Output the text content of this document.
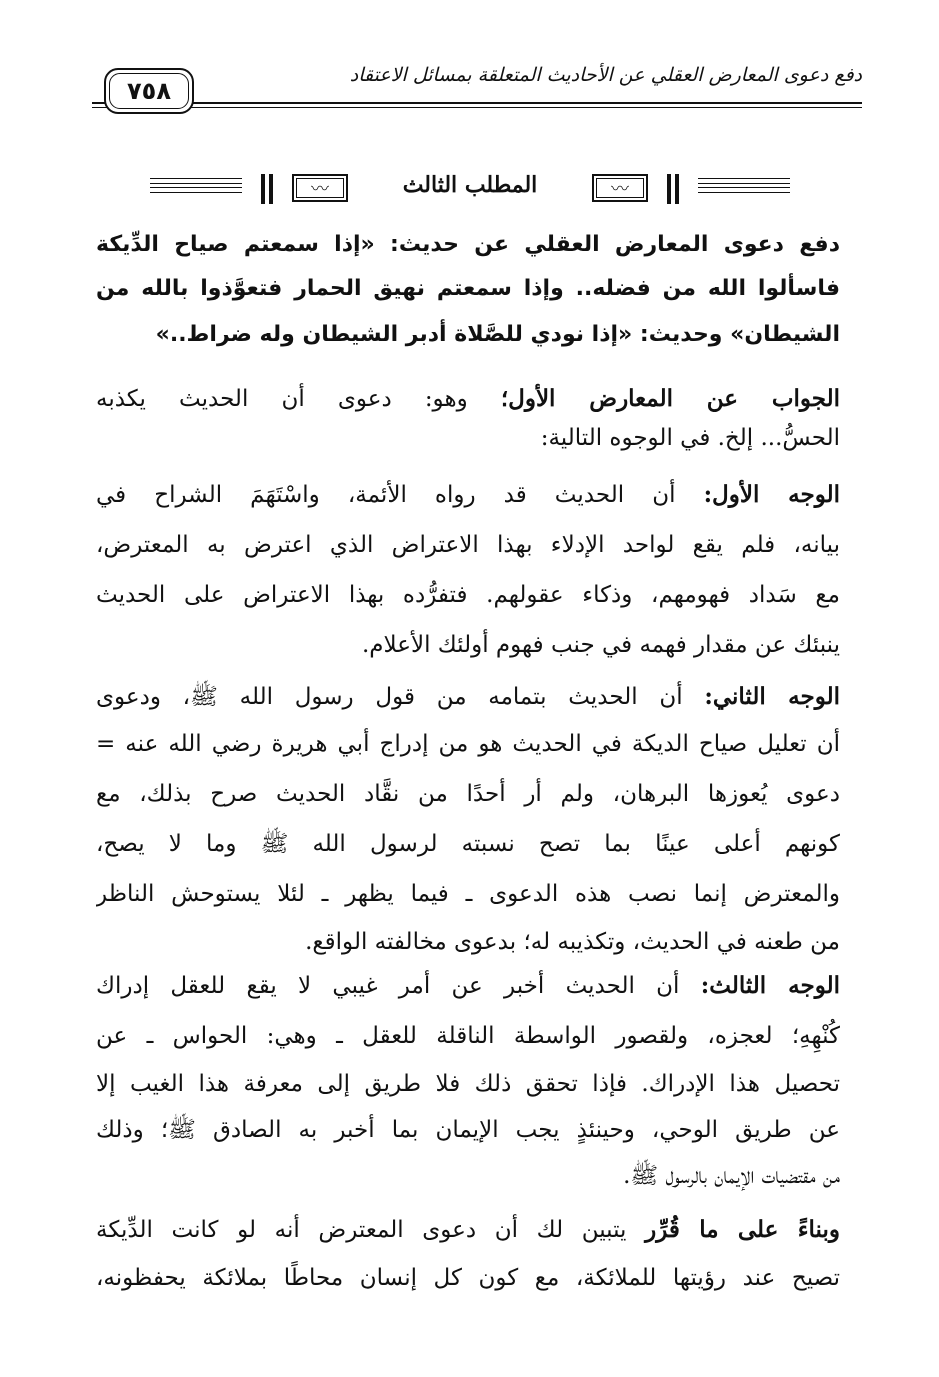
دفع دعوى المعارض العقلي عن الأحاديث المتعلقة بمسائل الاعتقاد
٧٥٨
〰	المطلب الثالث	〰
دفع دعوى المعارض العقلي عن حديث: «إذا سمعتم صياح الدِّيكة
فاسألوا الله من فضله.. وإذا سمعتم نهيق الحمار فتعوَّذوا بالله من
الشيطان» وحديث: «إذا نودي للصَّلاة أدبر الشيطان وله ضراط..»
الجواب عن المعارض الأول؛ وهو: دعوى أن الحديث يكذبه
الحسُّ... إلخ. في الوجوه التالية:
الوجه الأول: أن الحديث قد رواه الأئمة، واسْتَهَمَ الشراح في
بيانه، فلم يقع لواحد الإدلاء بهذا الاعتراض الذي اعترض به المعترض،
مع سَداد فهومهم، وذكاء عقولهم. فتفرُّده بهذا الاعتراض على الحديث
ينبئك عن مقدار فهمه في جنب فهوم أولئك الأعلام.
الوجه الثاني: أن الحديث بتمامه من قول رسول الله ﷺ، ودعوى
أن تعليل صياح الديكة في الحديث هو من إدراج أبي هريرة رضي الله عنه =
دعوى يُعوزها البرهان، ولم أر أحدًا من نقَّاد الحديث صرح بذلك، مع
كونهم أعلى عينًا بما تصح نسبته لرسول الله ﷺ وما لا يصح،
والمعترض إنما نصب هذه الدعوى ـ فيما يظهر ـ لئلا يستوحش الناظر
من طعنه في الحديث، وتكذيبه له؛ بدعوى مخالفته الواقع.
الوجه الثالث: أن الحديث أخبر عن أمر غيبي لا يقع للعقل إدراك
كُنْهِهِ؛ لعجزه، ولقصور الواسطة الناقلة للعقل ـ وهي: الحواس ـ عن
تحصيل هذا الإدراك. فإذا تحقق ذلك فلا طريق إلى معرفة هذا الغيب إلا
عن طريق الوحي، وحينئذٍ يجب الإيمان بما أخبر به الصادق ﷺ؛ وذلك
من مقتضيات الإيمان بالرسول ﷺ.
وبناءً على ما قُرِّر يتبين لك أن دعوى المعترض أنه لو كانت الدِّيكة
تصيح عند رؤيتها للملائكة، مع كون كل إنسان محاطًا بملائكة يحفظونه،
